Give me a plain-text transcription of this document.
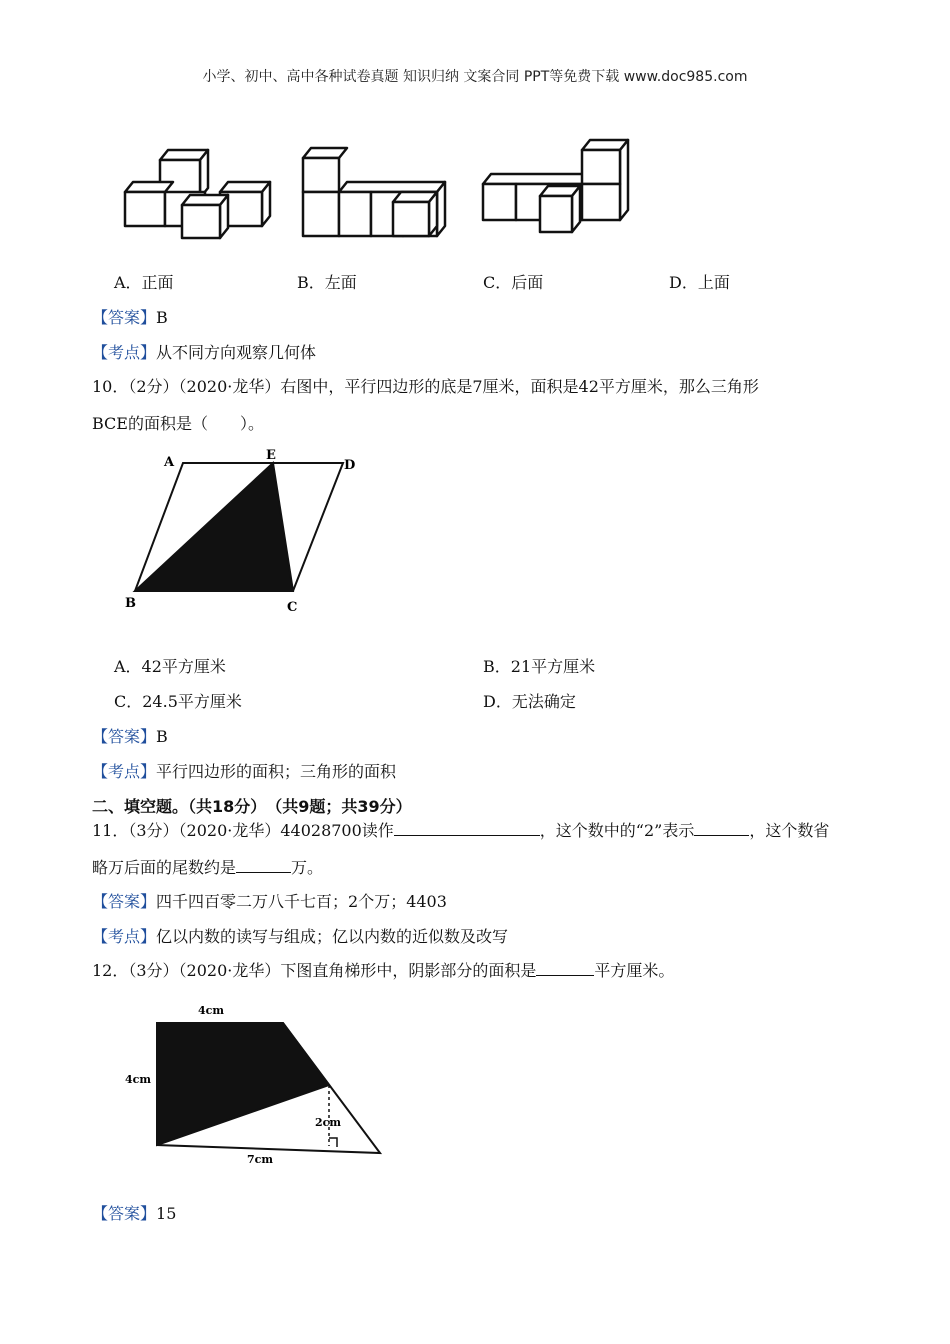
小学、初中、高中各种试卷真题 知识归纳 文案合同 PPT等免费下载 www.doc985.com
A．正面	B．左面	C．后面	D．上面
【答案】B
【考点】从不同方向观察几何体
10．（2分）（2020·龙华）右图中，平行四边形的底是7厘米，面积是42平方厘米，那么三角形
BCE的面积是（　　）。
A	E
D
B	C
A．42平方厘米	B．21平方厘米
C．24.5平方厘米	D．无法确定
【答案】B
【考点】平行四边形的面积；三角形的面积
二、填空题。（共18分）　（共9题；共39分）
11．（3分）（2020·龙华）44028700读作	，这个数中的“2”表示	，这个数省
略万后面的尾数约是	万。
【答案】四千四百零二万八千七百；2个万；4403
【考点】亿以内数的读写与组成；亿以内数的近似数及改写
12．（3分）（2020·龙华）下图直角梯形中，阴影部分的面积是	平方厘米。
4cm
4cm
2cm
7cm
【答案】15
